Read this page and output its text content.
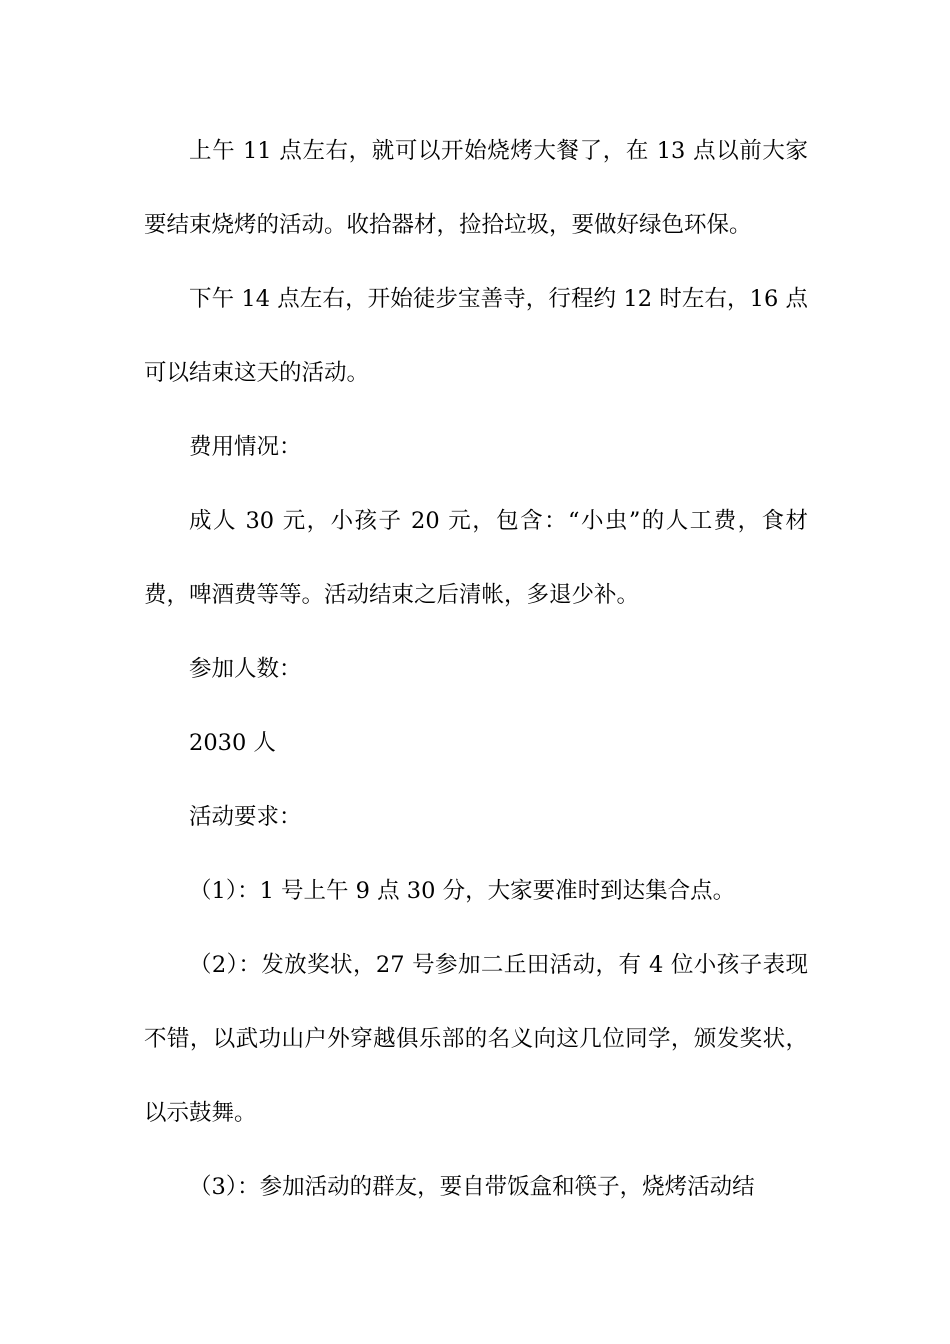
上午 11 点左右，就可以开始烧烤大餐了，在 13 点以前大家要结束烧烤的活动。收拾器材，捡拾垃圾，要做好绿色环保。

下午 14 点左右，开始徒步宝善寺，行程约 12 时左右，16 点可以结束这天的活动。

费用情况：

成人 30 元，小孩子 20 元，包含：“小虫”的人工费，食材费，啤酒费等等。活动结束之后清帐，多退少补。

参加人数：

2030 人

活动要求：

（1）：1 号上午 9 点 30 分，大家要准时到达集合点。

（2）：发放奖状，27 号参加二丘田活动，有 4 位小孩子表现不错，以武功山户外穿越俱乐部的名义向这几位同学，颁发奖状，以示鼓舞。

（3）：参加活动的群友，要自带饭盒和筷子，烧烤活动结
